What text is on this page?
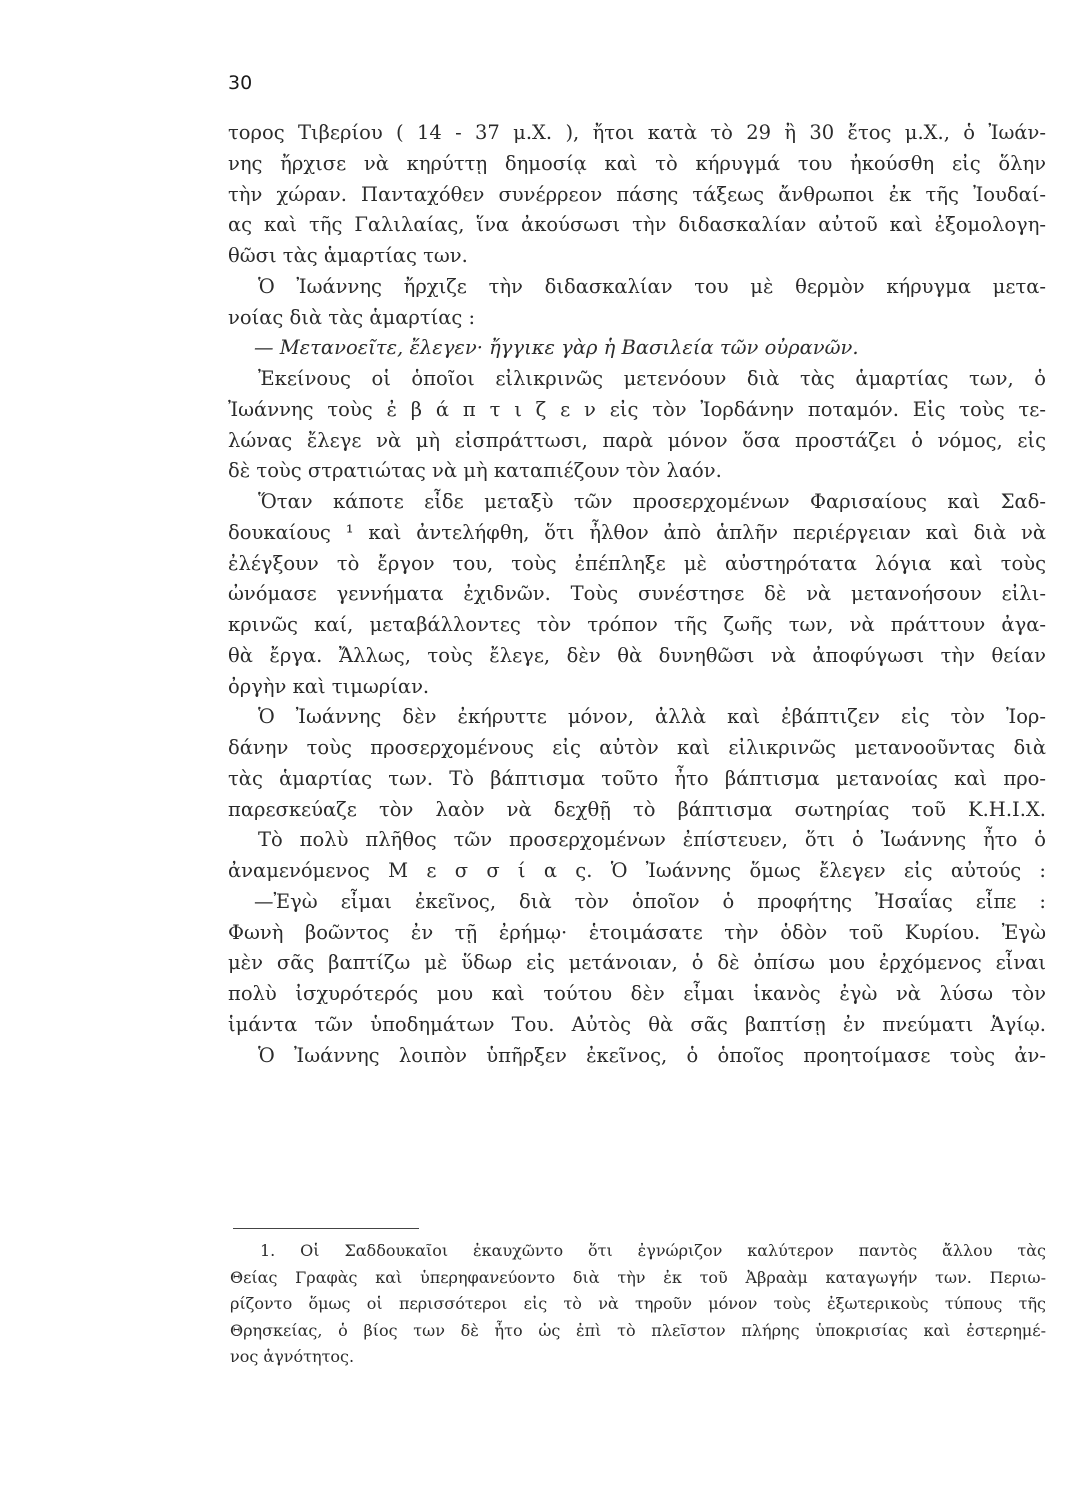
30
τορος Τιβερίου ( 14 - 37 μ.Χ. ), ἤτοι κατὰ τὸ 29 ἢ 30 ἔτος μ.Χ., ὁ Ἰωάν-
νης ἤρχισε νὰ κηρύττῃ δημοσίᾳ καὶ τὸ κήρυγμά του ἠκούσθη εἰς ὅλην
τὴν χώραν. Πανταχόθεν συνέρρεον πάσης τάξεως ἄνθρωποι ἐκ τῆς Ἰουδαί-
ας καὶ τῆς Γαλιλαίας, ἵνα ἀκούσωσι τὴν διδασκαλίαν αὐτοῦ καὶ ἐξομολογη-
θῶσι τὰς ἁμαρτίας των.
Ὁ Ἰωάννης ἤρχιζε τὴν διδασκαλίαν του μὲ θερμὸν κήρυγμα μετα-
νοίας διὰ τὰς ἁμαρτίας :
— Μετανοεῖτε, ἔλεγεν· ἤγγικε γὰρ ἡ Βασιλεία τῶν οὐρανῶν.
Ἐκείνους οἱ ὁποῖοι εἰλικρινῶς μετενόουν διὰ τὰς ἁμαρτίας των, ὁ
Ἰωάννης τοὺς ἐ β ά π τ ι ζ ε ν εἰς τὸν Ἰορδάνην ποταμόν. Εἰς τοὺς τε-
λώνας ἔλεγε νὰ μὴ εἰσπράττωσι, παρὰ μόνον ὅσα προστάζει ὁ νόμος, εἰς
δὲ τοὺς στρατιώτας νὰ μὴ καταπιέζουν τὸν λαόν.
Ὅταν κάποτε εἶδε μεταξὺ τῶν προσερχομένων Φαρισαίους καὶ Σαδ-
δουκαίους ¹ καὶ ἀντελήφθη, ὅτι ἦλθον ἀπὸ ἁπλῆν περιέργειαν καὶ διὰ νὰ
ἐλέγξουν τὸ ἔργον του, τοὺς ἐπέπληξε μὲ αὐστηρότατα λόγια καὶ τοὺς
ὠνόμασε γεννήματα ἐχιδνῶν. Τοὺς συνέστησε δὲ νὰ μετανοήσουν εἰλι-
κρινῶς καί, μεταβάλλοντες τὸν τρόπον τῆς ζωῆς των, νὰ πράττουν ἀγα-
θὰ ἔργα. Ἄλλως, τοὺς ἔλεγε, δὲν θὰ δυνηθῶσι νὰ ἀποφύγωσι τὴν θείαν
ὀργὴν καὶ τιμωρίαν.
Ὁ Ἰωάννης δὲν ἐκήρυττε μόνον, ἀλλὰ καὶ ἐβάπτιζεν εἰς τὸν Ἰορ-
δάνην τοὺς προσερχομένους εἰς αὐτὸν καὶ εἰλικρινῶς μετανοοῦντας διὰ
τὰς ἁμαρτίας των. Τὸ βάπτισμα τοῦτο ἦτο βάπτισμα μετανοίας καὶ προ-
παρεσκεύαζε τὸν λαὸν νὰ δεχθῇ τὸ βάπτισμα σωτηρίας τοῦ Κ.Η.Ι.Χ.
Τὸ πολὺ πλῆθος τῶν προσερχομένων ἐπίστευεν, ὅτι ὁ Ἰωάννης ἦτο ὁ
ἀναμενόμενος Μ ε σ σ ί α ς. Ὁ Ἰωάννης ὅμως ἔλεγεν εἰς αὐτούς :
—Ἐγὼ εἶμαι ἐκεῖνος, διὰ τὸν ὁποῖον ὁ προφήτης Ἠσαΐας εἶπε :
Φωνὴ βοῶντος ἐν τῇ ἐρήμῳ· ἑτοιμάσατε τὴν ὁδὸν τοῦ Κυρίου. Ἐγὼ
μὲν σᾶς βαπτίζω μὲ ὕδωρ εἰς μετάνοιαν, ὁ δὲ ὀπίσω μου ἐρχόμενος εἶναι
πολὺ ἰσχυρότερός μου καὶ τούτου δὲν εἶμαι ἱκανὸς ἐγὼ νὰ λύσω τὸν
ἱμάντα τῶν ὑποδημάτων Του. Αὐτὸς θὰ σᾶς βαπτίσῃ ἐν πνεύματι Ἁγίῳ.
Ὁ Ἰωάννης λοιπὸν ὑπῆρξεν ἐκεῖνος, ὁ ὁποῖος προητοίμασε τοὺς ἀν-
1. Οἱ Σαδδουκαῖοι ἐκαυχῶντο ὅτι ἐγνώριζον καλύτερον παντὸς ἄλλου τὰς
Θείας Γραφὰς καὶ ὑπερηφανεύοντο διὰ τὴν ἐκ τοῦ Ἀβραὰμ καταγωγήν των. Περιω-
ρίζοντο ὅμως οἱ περισσότεροι εἰς τὸ νὰ τηροῦν μόνον τοὺς ἐξωτερικοὺς τύπους τῆς
Θρησκείας, ὁ βίος των δὲ ἦτο ὡς ἐπὶ τὸ πλεῖστον πλήρης ὑποκρισίας καὶ ἐστερημέ-
νος ἁγνότητος.
